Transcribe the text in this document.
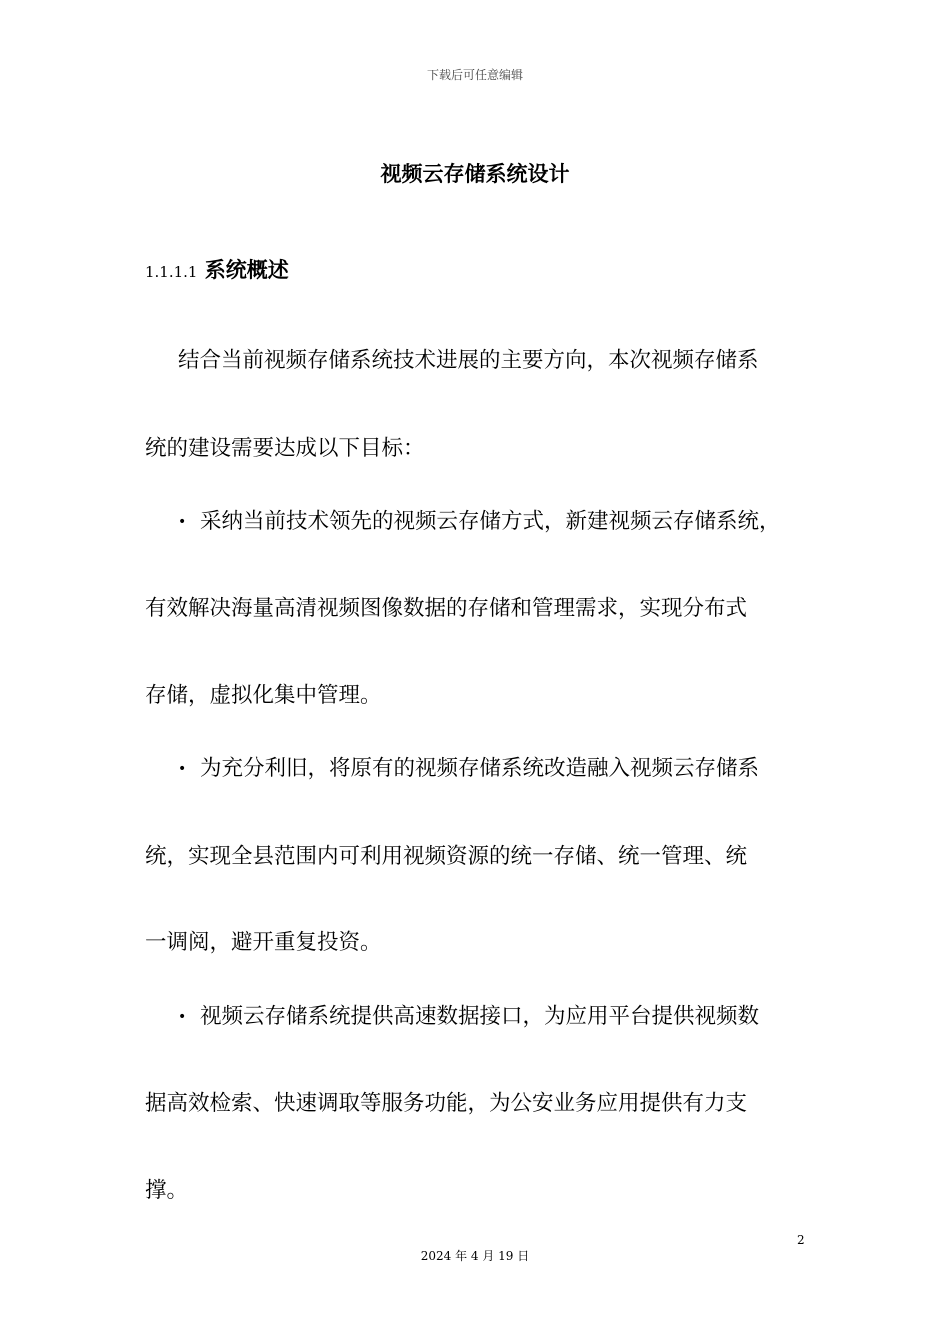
下载后可任意编辑
视频云存储系统设计
1.1.1.1 系统概述
结合当前视频存储系统技术进展的主要方向，本次视频存储系
统的建设需要达成以下目标：
• 采纳当前技术领先的视频云存储方式，新建视频云存储系统，
有效解决海量高清视频图像数据的存储和管理需求，实现分布式
存储，虚拟化集中管理。
• 为充分利旧，将原有的视频存储系统改造融入视频云存储系
统，实现全县范围内可利用视频资源的统一存储、统一管理、统
一调阅，避开重复投资。
• 视频云存储系统提供高速数据接口，为应用平台提供视频数
据高效检索、快速调取等服务功能，为公安业务应用提供有力支
撑。
2
2024 年 4 月 19 日
